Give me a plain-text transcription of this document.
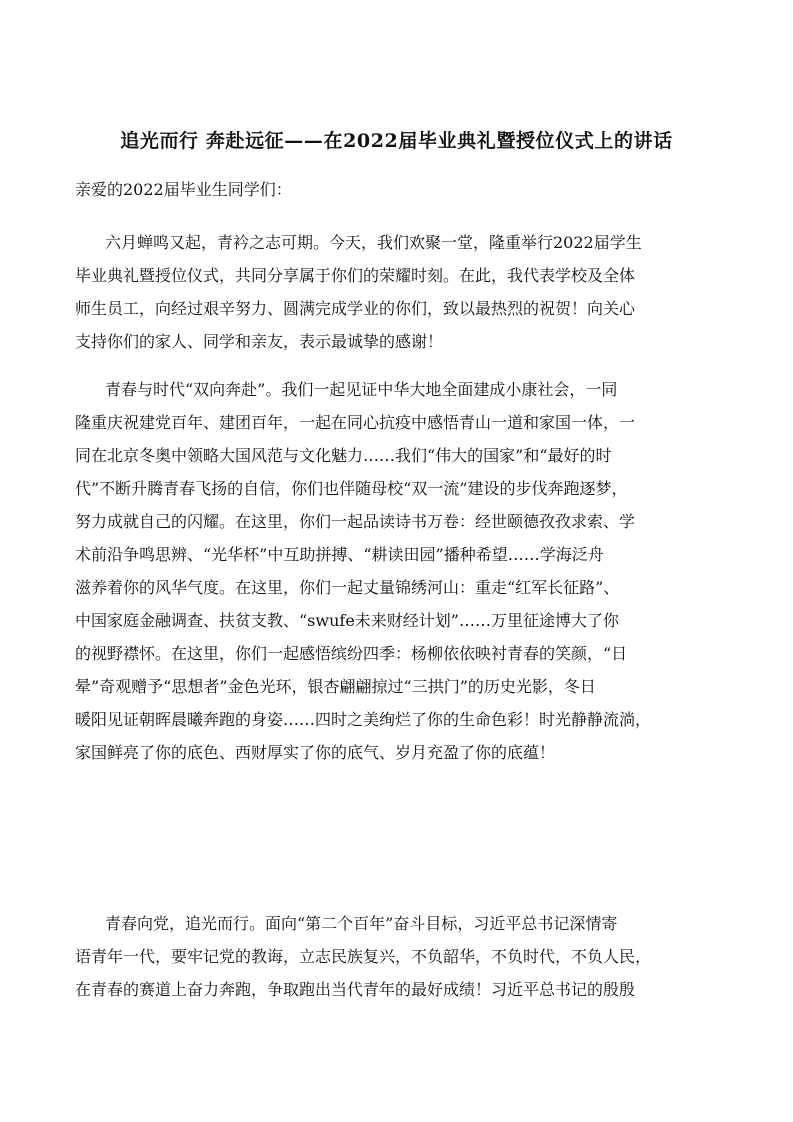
追光而行 奔赴远征——在2022届毕业典礼暨授位仪式上的讲话
亲爱的2022届毕业生同学们：
六月蝉鸣又起，青衿之志可期。今天，我们欢聚一堂，隆重举行2022届学生
毕业典礼暨授位仪式，共同分享属于你们的荣耀时刻。在此，我代表学校及全体
师生员工，向经过艰辛努力、圆满完成学业的你们，致以最热烈的祝贺！向关心
支持你们的家人、同学和亲友，表示最诚挚的感谢！
青春与时代“双向奔赴”。我们一起见证中华大地全面建成小康社会，一同
隆重庆祝建党百年、建团百年，一起在同心抗疫中感悟青山一道和家国一体，一
同在北京冬奥中领略大国风范与文化魅力……我们“伟大的国家”和“最好的时
代”不断升腾青春飞扬的自信，你们也伴随母校“双一流”建设的步伐奔跑逐梦，
努力成就自己的闪耀。在这里，你们一起品读诗书万卷：经世颐德孜孜求索、学
术前沿争鸣思辨、“光华杯”中互助拼搏、“耕读田园”播种希望……学海泛舟
滋养着你的风华气度。在这里，你们一起丈量锦绣河山：重走“红军长征路”、
中国家庭金融调查、扶贫支教、“swufe未来财经计划”……万里征途博大了你
的视野襟怀。在这里，你们一起感悟缤纷四季：杨柳依依映衬青春的笑颜，“日
晕”奇观赠予“思想者”金色光环，银杏翩翩掠过“三拱门”的历史光影，冬日
暖阳见证朝晖晨曦奔跑的身姿……四时之美绚烂了你的生命色彩！时光静静流淌，
家国鲜亮了你的底色、西财厚实了你的底气、岁月充盈了你的底蕴！
青春向党，追光而行。面向“第二个百年”奋斗目标，习近平总书记深情寄
语青年一代，要牢记党的教诲，立志民族复兴，不负韶华，不负时代，不负人民，
在青春的赛道上奋力奔跑，争取跑出当代青年的最好成绩！习近平总书记的殷殷
